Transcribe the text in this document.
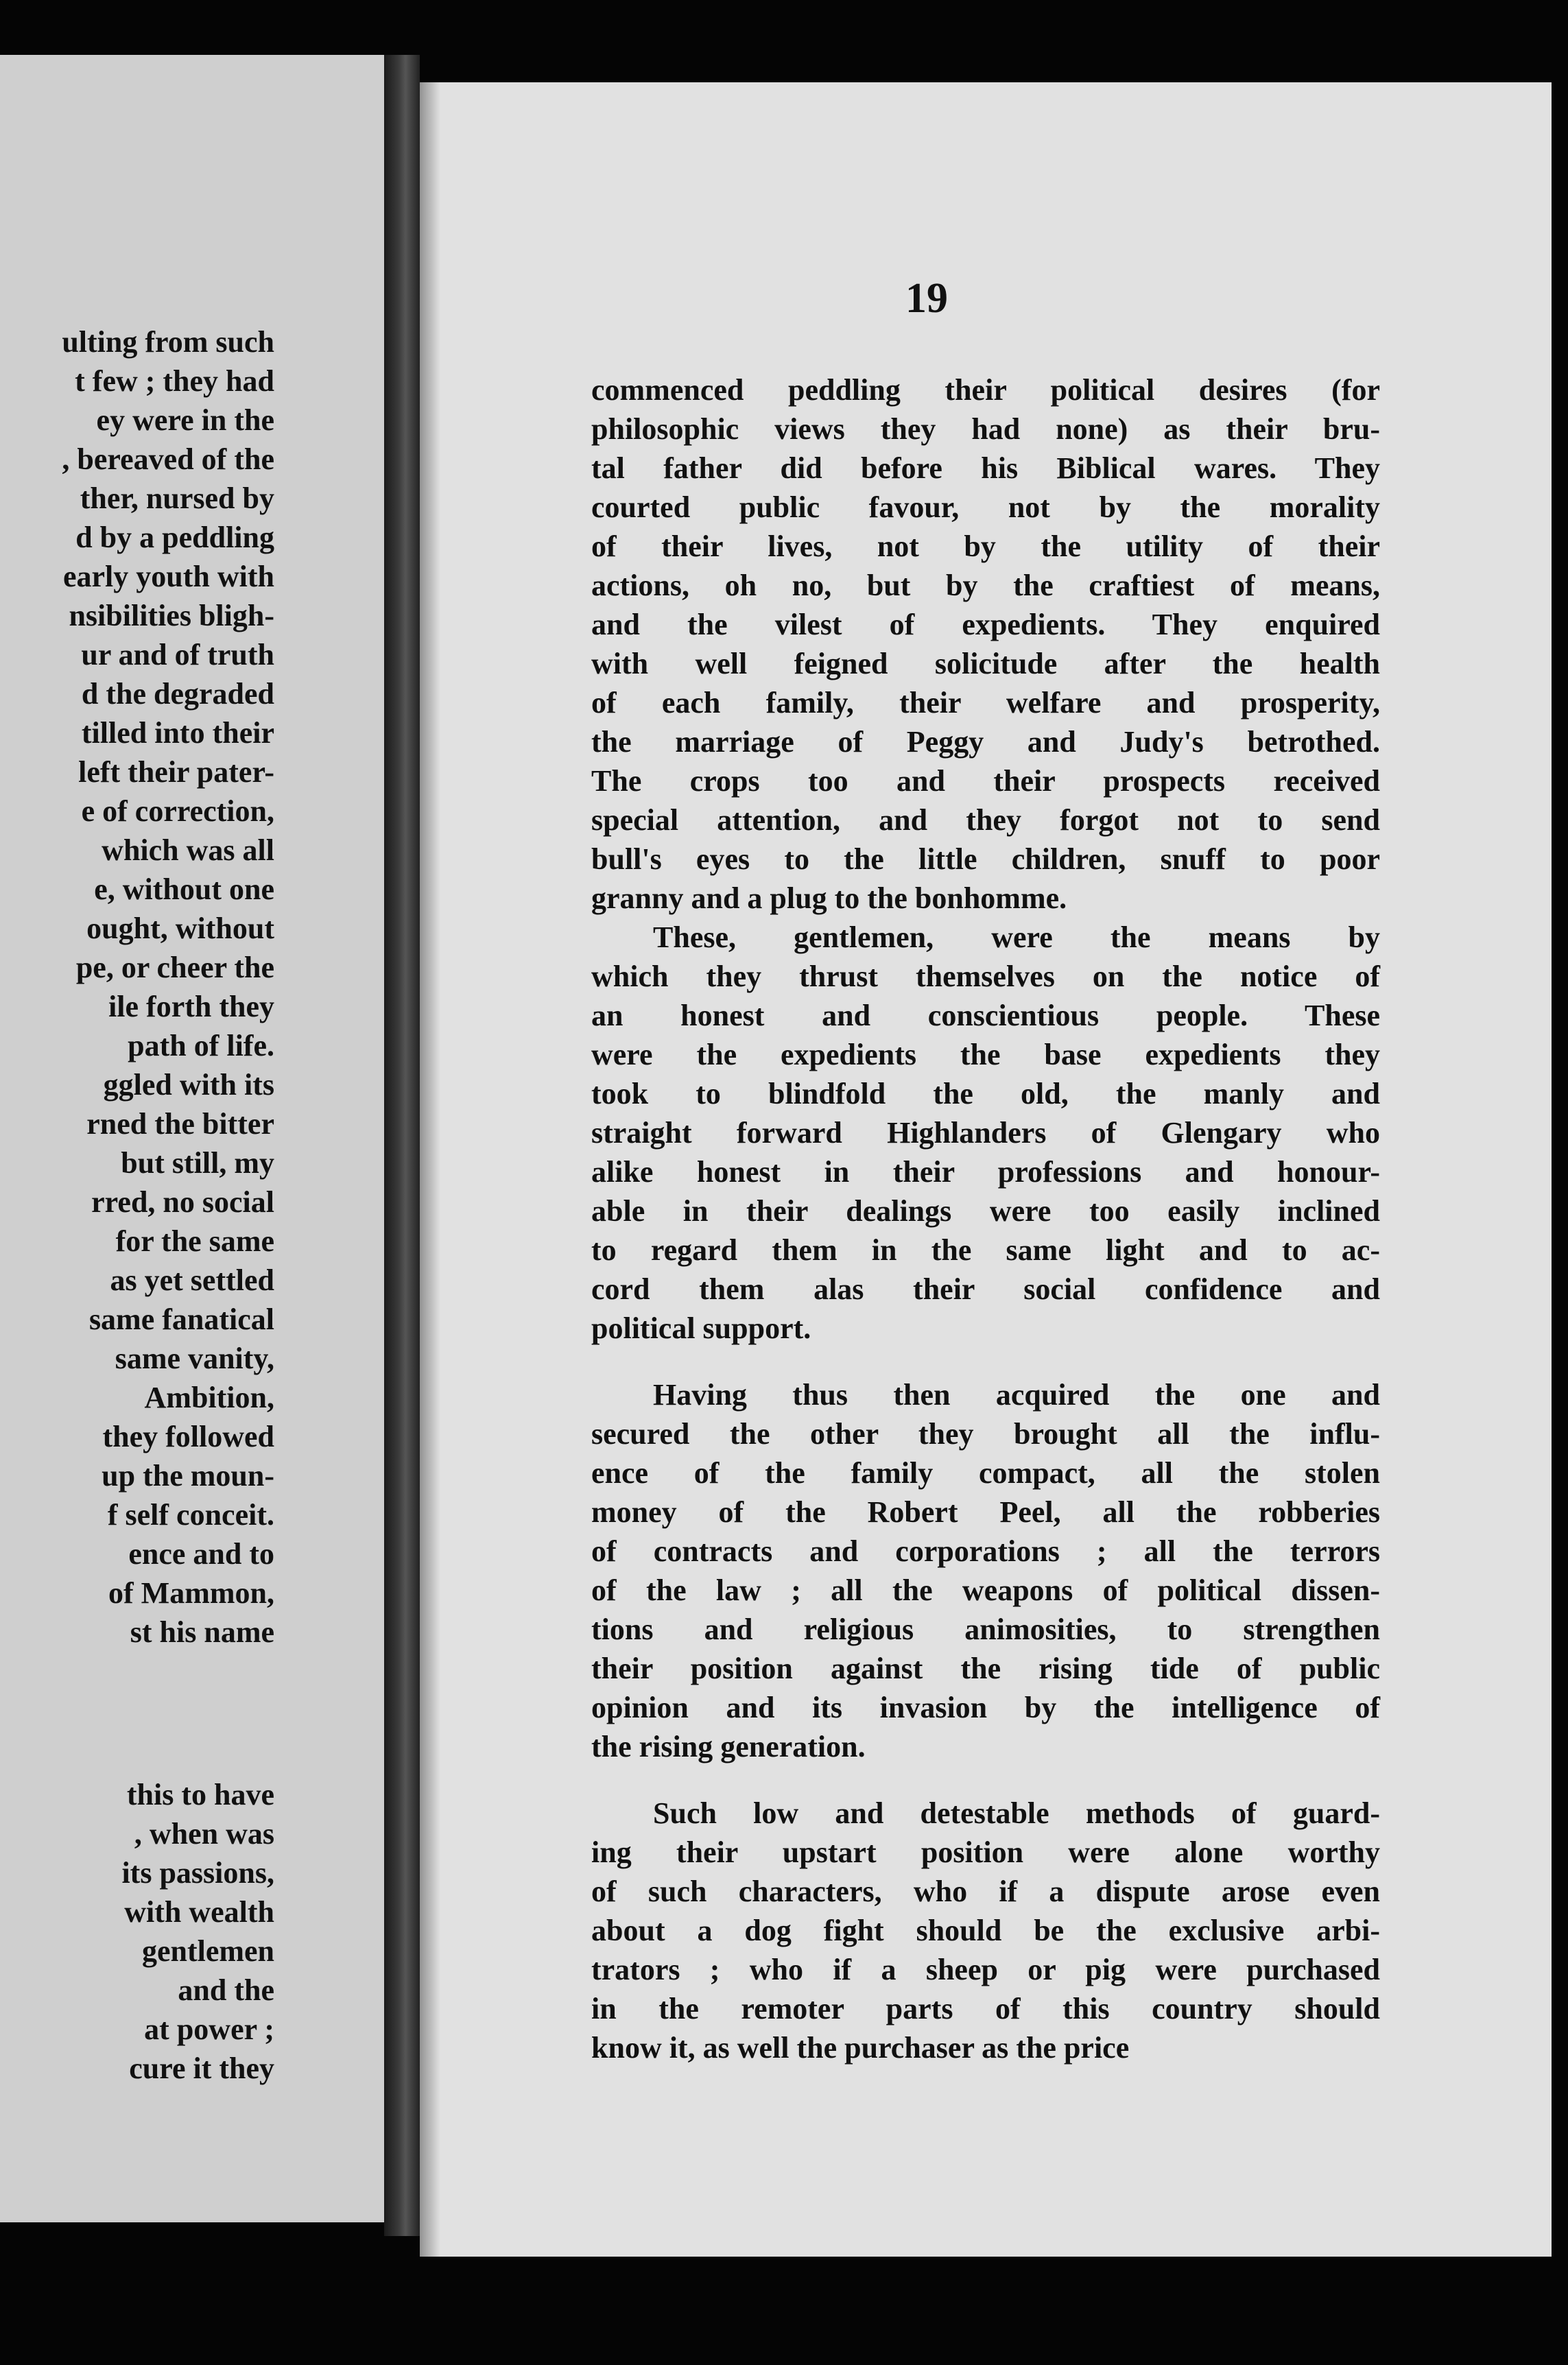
ulting from such
t few ; they had
ey were in the
, bereaved of the
ther, nursed by
d by a peddling
early youth with
nsibilities bligh-
ur and of truth
d the degraded
tilled into their
left their pater-
e of correction,
which was all
e, without one
ought, without
pe, or cheer the
ile forth they
path of life.
ggled with its
rned the bitter
but still, my
rred, no social
for the same
as yet settled
same fanatical
same vanity,
Ambition,
they followed
up the moun-
f self conceit.
ence and to
of Mammon,
st his name
this to have
, when was
its passions,
with wealth
gentlemen
and the
at power ;
cure it they
19
commenced peddling their political desires (for
philosophic views they had none) as their bru-
tal father did before his Biblical wares. They
courted public favour, not by the morality
of their lives, not by the utility of their
actions, oh no, but by the craftiest of means,
and the vilest of expedients. They enquired
with well feigned solicitude after the health
of each family, their welfare and prosperity,
the marriage of Peggy and Judy's betrothed.
The crops too and their prospects received
special attention, and they forgot not to send
bull's eyes to the little children, snuff to poor
granny and a plug to the bonhomme.
These, gentlemen, were the means by
which they thrust themselves on the notice of
an honest and conscientious people. These
were the expedients the base expedients they
took to blindfold the old, the manly and
straight forward Highlanders of Glengary who
alike honest in their professions and honour-
able in their dealings were too easily inclined
to regard them in the same light and to ac-
cord them alas their social confidence and
political support.
Having thus then acquired the one and
secured the other they brought all the influ-
ence of the family compact, all the stolen
money of the Robert Peel, all the robberies
of contracts and corporations ; all the terrors
of the law ; all the weapons of political dissen-
tions and religious animosities, to strengthen
their position against the rising tide of public
opinion and its invasion by the intelligence of
the rising generation.
Such low and detestable methods of guard-
ing their upstart position were alone worthy
of such characters, who if a dispute arose even
about a dog fight should be the exclusive arbi-
trators ; who if a sheep or pig were purchased
in the remoter parts of this country should
know it, as well the purchaser as the price
